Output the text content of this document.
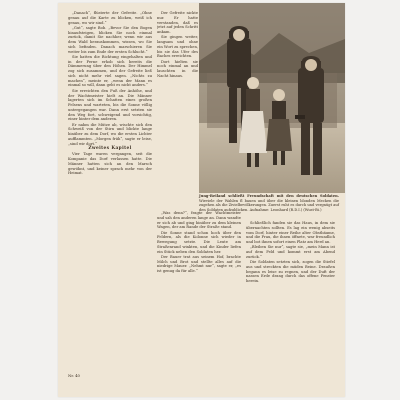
„Danach“, flüsterte der Gefreite. „Ohne genau auf die Karte zu blicken, weiß ich genau, wo wir sind.“

„Gut“, sagte Bob. „Bevor Sie den Bogen hinaufsteigen, blicken Sie noch einmal zurück, damit Sie nachher, wenn wir aus dem Wald herauskommen, wissen, wo Sie sich befinden. Danach marschieren Sie weiter bis zum Ende der ersten Schlucht.“

Sie hatten die Richtung eingehalten und in der Ferne erhob sich bereits die Dämmerung über den Höhen. Der Himmel zog sich zusammen, und der Gefreite ließ sich nicht mehr viel sagen. „Nichts zu machen“, meinte er, „wenn der Mann es einmal so will, dann geht es nicht anders.“

Sie erreichten den Fuß der Anhöhe, und der Wachtmeister hielt an. Die Männer lagerten sich im Schatten eines großen Felsens und warteten, bis die Sonne völlig untergegangen war. Dann erst setzten sie den Weg fort, schweigend und vorsichtig, einer hinter dem anderen.

Er nahm die Mütze ab, wischte sich den Schweiß von der Stirn und blickte lange hinüber zu dem Dorf, wo die ersten Lichter aufflammten. „Morgen früh“, sagte er leise, „sind wir dort.“

Zweites Kapitel

Vier Tage waren vergangen, seit die Kompanie das Dorf verlassen hatte. Die Männer hatten sich an den Marsch gewöhnt, und keiner sprach mehr von der Heimat.

Der Gefreite nickte nur. Er hatte verstanden, daß es jetzt auf jeden Schritt ankam.

Sie gingen weiter, langsam und ohne ein Wort zu sprechen, bis sie das Ufer des Baches erreichten.

Dort hielten sie noch einmal an und lauschten in die Nacht hinaus.

Jung-Beiland schließt Freundschaft mit den deutschen Soldaten. Wieviele der Wahlen fl bauen und über die kleinen blonden Mecken die zugehen als die Zivielbevölkerungen. Zuerst ruht es durch und vergnügt auf den Soldaten aufzublicken. Aufnahme: Leonhard (R.D.I.) (Wust-Bi.)

„Was denn?“, fragte der Wachtmeister und sah den anderen lange an. Dann wandte er sich ab und ging hinüber zu dem kleinen Wagen, der am Rande der Straße stand.

Die Sonne stand schon hoch über den Feldern, als die Kolonne sich wieder in Bewegung setzte. Die Leute am Straßenrand winkten, und die Kinder liefen ein Stück neben den Soldaten her.

Der Bauer trat aus seinem Hof, brachte Milch und Brot und stellte alles auf die niedrige Mauer. „Nehmt nur“, sagte er, „es ist genug da für alle.“

Schließlich fanden sie das Haus, in dem sie übernachten sollten. Es lag ein wenig abseits vom Dorf, hinter einer Reihe alter Obstbäume, und die Frau, die ihnen öffnete, war freundlich und bot ihnen sofort einen Platz am Herd an.

„Bleiben Sie nur“, sagte sie, „mein Mann ist auf dem Feld und kommt erst am Abend zurück.“

Die Soldaten setzten sich, zogen die Stiefel aus und streckten die müden Beine. Draußen begann es leise zu regnen, und der Duft der nassen Erde drang durch das offene Fenster herein.

Nr. 40
